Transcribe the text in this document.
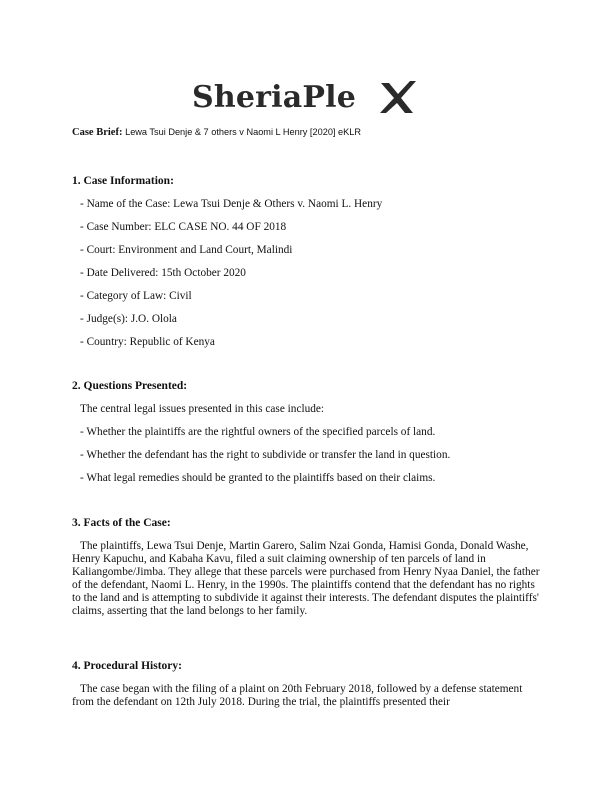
SheriaPle
Case Brief: Lewa Tsui Denje & 7 others v Naomi L Henry [2020] eKLR
1. Case Information:
- Name of the Case: Lewa Tsui Denje & Others v. Naomi L. Henry
- Case Number: ELC CASE NO. 44 OF 2018
- Court: Environment and Land Court, Malindi
- Date Delivered: 15th October 2020
- Category of Law: Civil
- Judge(s): J.O. Olola
- Country: Republic of Kenya
2. Questions Presented:
The central legal issues presented in this case include:
- Whether the plaintiffs are the rightful owners of the specified parcels of land.
- Whether the defendant has the right to subdivide or transfer the land in question.
- What legal remedies should be granted to the plaintiffs based on their claims.
3. Facts of the Case:

The plaintiffs, Lewa Tsui Denje, Martin Garero, Salim Nzai Gonda, Hamisi Gonda, Donald Washe, Henry Kapuchu, and Kabaha Kavu, filed a suit claiming ownership of ten parcels of land in Kaliangombe/Jimba. They allege that these parcels were purchased from Henry Nyaa Daniel, the father of the defendant, Naomi L. Henry, in the 1990s. The plaintiffs contend that the defendant has no rights to the land and is attempting to subdivide it against their interests. The defendant disputes the plaintiffs' claims, asserting that the land belongs to her family.

4. Procedural History:

The case began with the filing of a plaint on 20th February 2018, followed by a defense statement from the defendant on 12th July 2018. During the trial, the plaintiffs presented their
